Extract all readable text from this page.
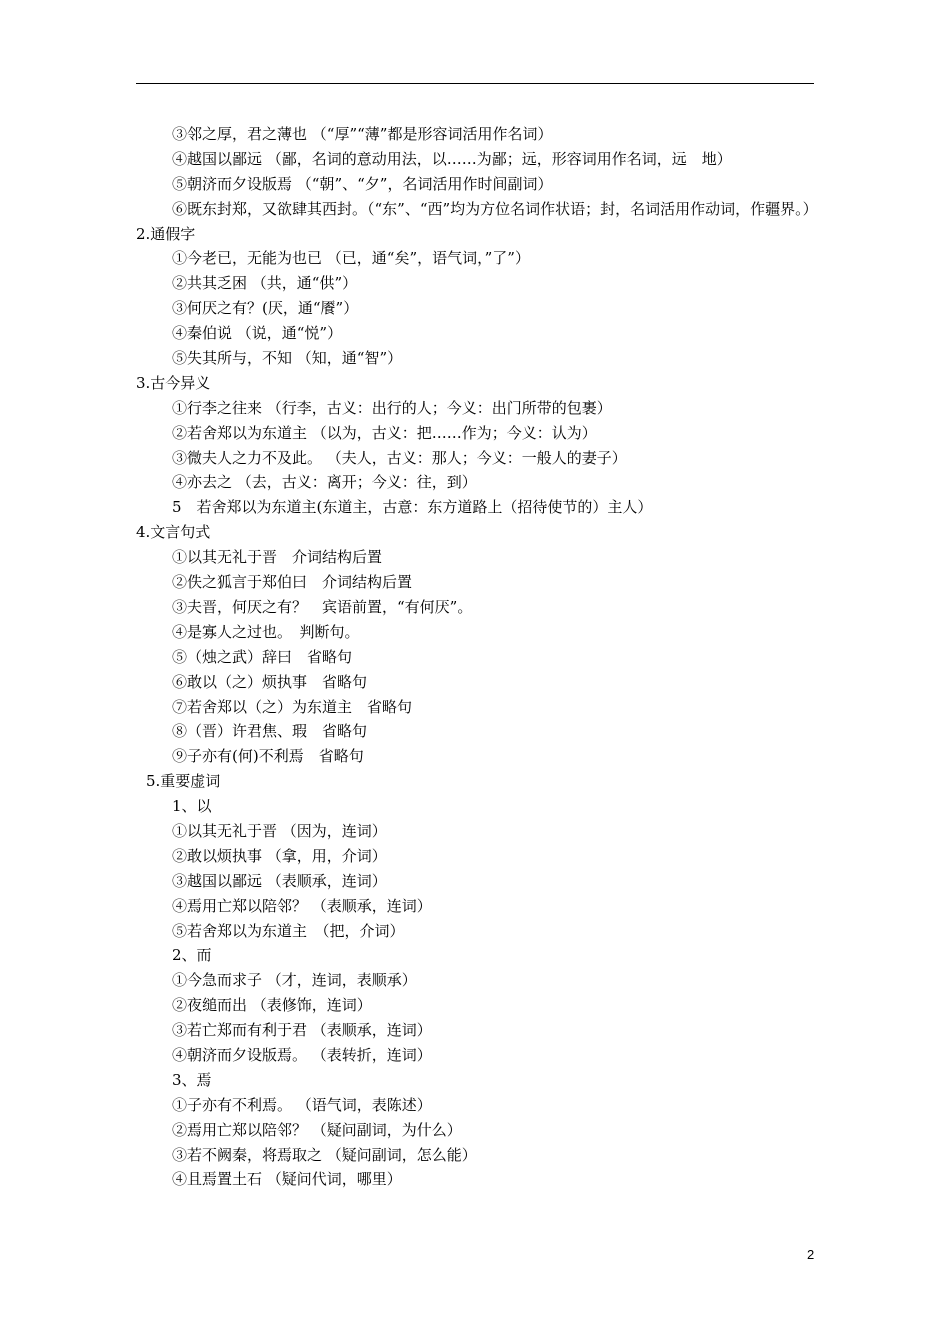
③邻之厚，君之薄也 （“厚”“薄”都是形容词活用作名词）
④越国以鄙远 （鄙，名词的意动用法，以……为鄙；远，形容词用作名词，远　地）
⑤朝济而夕设版焉 （“朝”、“夕”，名词活用作时间副词）
⑥既东封郑，又欲肆其西封。（“东”、“西”均为方位名词作状语；封，名词活用作动词，作疆界。）
2.通假字
①今老已，无能为也已 （已，通“矣”，语气词，”了”）
②共其乏困 （共，通“供”）
③何厌之有？(厌，通“餍”）
④秦伯说 （说，通“悦”）
⑤失其所与，不知 （知，通“智”）
3.古今异义
①行李之往来 （行李，古义：出行的人；今义：出门所带的包裹）
②若舍郑以为东道主 （以为，古义：把……作为；今义：认为）
③微夫人之力不及此。 （夫人，古义：那人；今义：一般人的妻子）
④亦去之 （去，古义：离开；今义：往，到）
5　若舍郑以为东道主(东道主，古意：东方道路上（招待使节的）主人）
4.文言句式
①以其无礼于晋　介词结构后置
②佚之狐言于郑伯曰　介词结构后置
③夫晋，何厌之有？　宾语前置，“有何厌”。
④是寡人之过也。　判断句。
⑤（烛之武）辞曰　省略句
⑥敢以（之）烦执事　省略句
⑦若舍郑以（之）为东道主　省略句
⑧（晋）许君焦、瑕　省略句
⑨子亦有(何)不利焉　省略句
5.重要虚词
1、以
①以其无礼于晋 （因为，连词）
②敢以烦执事 （拿，用，介词）
③越国以鄙远 （表顺承，连词）
④焉用亡郑以陪邻？ （表顺承，连词）
⑤若舍郑以为东道主　（把，介词）
2、而
①今急而求子 （才，连词，表顺承）
②夜缒而出 （表修饰，连词）
③若亡郑而有利于君 （表顺承，连词）
④朝济而夕设版焉。 （表转折，连词）
3、焉
①子亦有不利焉。 （语气词，表陈述）
②焉用亡郑以陪邻？ （疑问副词，为什么）
③若不阙秦，将焉取之 （疑问副词，怎么能）
④且焉置土石 （疑问代词，哪里）
2
